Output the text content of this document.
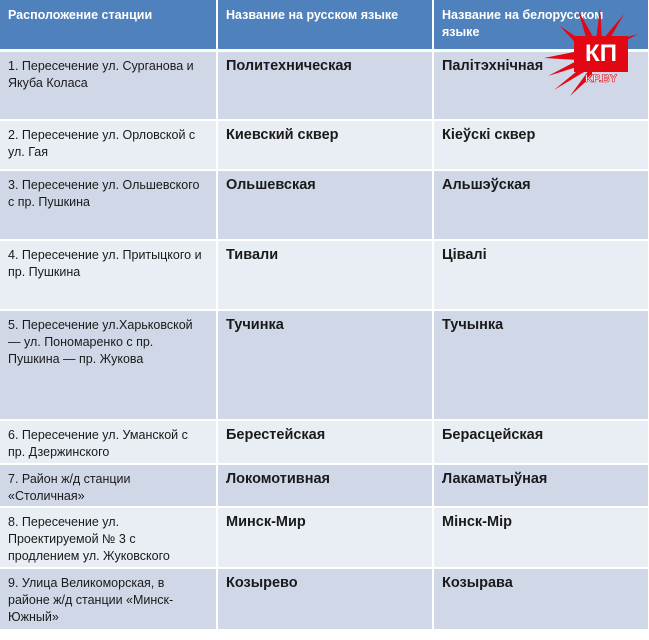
Расположение станции	Название на русском языке	Название на белорусском языке
1. Пересечение ул. Сурганова и Якуба Коласа	Политехническая	Палітэхнічная
2. Пересечение ул. Орловской с ул. Гая	Киевский сквер	Кіеўскі сквер
3. Пересечение ул. Ольшевского с пр. Пушкина	Ольшевская	Альшэўская
4. Пересечение ул. Притыцкого и пр. Пушкина	Тивали	Цівалі
5. Пересечение ул.Харьковской — ул. Пономаренко с пр. Пушкина — пр. Жукова	Тучинка	Тучынка
6. Пересечение ул. Уманской с пр. Дзержинского	Берестейская	Берасцейская
7. Район ж/д станции «Столичная»	Локомотивная	Лакаматыўная
8. Пересечение ул. Проектируемой № 3 с продлением ул. Жуковского	Минск-Мир	Мінск-Мір
9. Улица Великоморская, в районе ж/д станции «Минск-Южный»	Козырево	Козырава
КП
KP.BY
